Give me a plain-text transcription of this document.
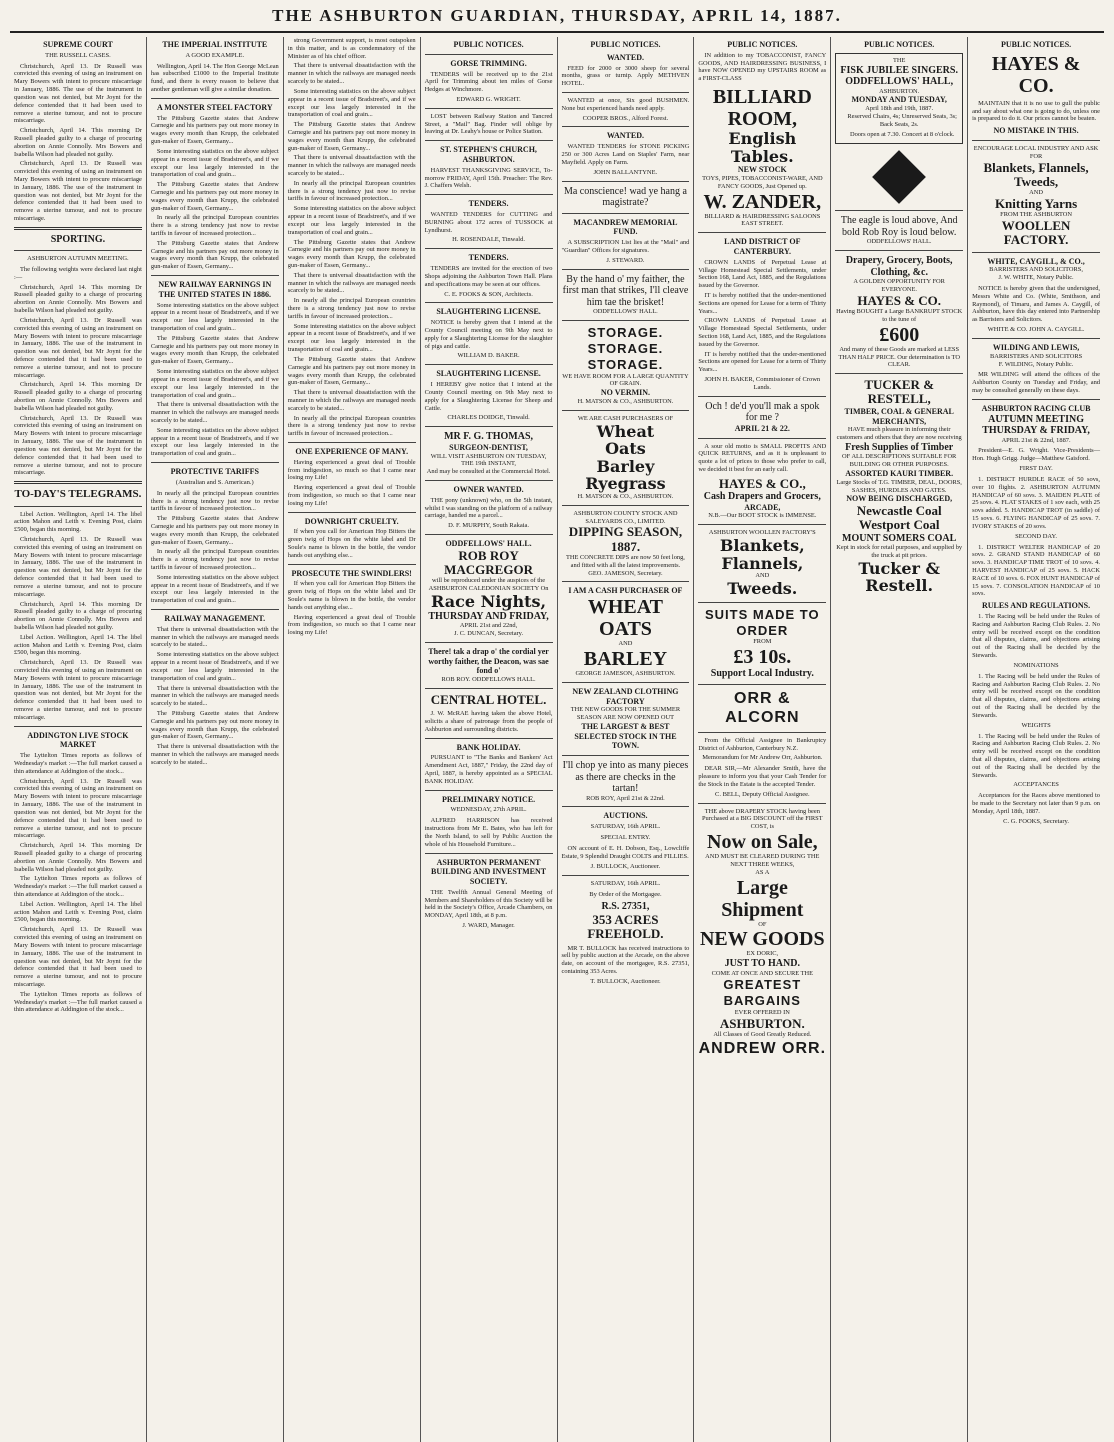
THE ASHBURTON GUARDIAN, THURSDAY, APRIL 14, 1887.
SUPREME COURT
THE RUSSELL CASES.

Christchurch, April 13. Dr Russell was convicted this evening of using an instrument on Mary Bowers with intent to procure miscarriage in January, 1886. The use of the instrument in question was not denied, but Mr Joynt for the defence contended that it had been used to remove a uterine tumour, and not to procure miscarriage.

Christchurch, April 14. This morning Dr Russell pleaded guilty to a charge of procuring abortion on Annie Connolly. Mrs Bowers and Isabella Wilson had pleaded not guilty.

Christchurch, April 13. Dr Russell was convicted this evening of using an instrument on Mary Bowers with intent to procure miscarriage in January, 1886. The use of the instrument in question was not denied, but Mr Joynt for the defence contended that it had been used to remove a uterine tumour, and not to procure miscarriage.

SPORTING.
ASHBURTON AUTUMN MEETING.

The following weights were declared last night :—

Christchurch, April 14. This morning Dr Russell pleaded guilty to a charge of procuring abortion on Annie Connolly. Mrs Bowers and Isabella Wilson had pleaded not guilty.

Christchurch, April 13. Dr Russell was convicted this evening of using an instrument on Mary Bowers with intent to procure miscarriage in January, 1886. The use of the instrument in question was not denied, but Mr Joynt for the defence contended that it had been used to remove a uterine tumour, and not to procure miscarriage.

Christchurch, April 14. This morning Dr Russell pleaded guilty to a charge of procuring abortion on Annie Connolly. Mrs Bowers and Isabella Wilson had pleaded not guilty.

Christchurch, April 13. Dr Russell was convicted this evening of using an instrument on Mary Bowers with intent to procure miscarriage in January, 1886. The use of the instrument in question was not denied, but Mr Joynt for the defence contended that it had been used to remove a uterine tumour, and not to procure miscarriage.

TO-DAY'S TELEGRAMS.

Libel Action. Wellington, April 14. The libel action Mahon and Leith v. Evening Post, claim £500, began this morning.

Christchurch, April 13. Dr Russell was convicted this evening of using an instrument on Mary Bowers with intent to procure miscarriage in January, 1886. The use of the instrument in question was not denied, but Mr Joynt for the defence contended that it had been used to remove a uterine tumour, and not to procure miscarriage.

Christchurch, April 14. This morning Dr Russell pleaded guilty to a charge of procuring abortion on Annie Connolly. Mrs Bowers and Isabella Wilson had pleaded not guilty.

Libel Action. Wellington, April 14. The libel action Mahon and Leith v. Evening Post, claim £500, began this morning.

Christchurch, April 13. Dr Russell was convicted this evening of using an instrument on Mary Bowers with intent to procure miscarriage in January, 1886. The use of the instrument in question was not denied, but Mr Joynt for the defence contended that it had been used to remove a uterine tumour, and not to procure miscarriage.

ADDINGTON LIVE STOCK MARKET

The Lyttelton Times reports as follows of Wednesday's market :—The full market caused a thin attendance at Addington of the stock...

Christchurch, April 13. Dr Russell was convicted this evening of using an instrument on Mary Bowers with intent to procure miscarriage in January, 1886. The use of the instrument in question was not denied, but Mr Joynt for the defence contended that it had been used to remove a uterine tumour, and not to procure miscarriage.

Christchurch, April 14. This morning Dr Russell pleaded guilty to a charge of procuring abortion on Annie Connolly. Mrs Bowers and Isabella Wilson had pleaded not guilty.

The Lyttelton Times reports as follows of Wednesday's market :—The full market caused a thin attendance at Addington of the stock...

Libel Action. Wellington, April 14. The libel action Mahon and Leith v. Evening Post, claim £500, began this morning.

Christchurch, April 13. Dr Russell was convicted this evening of using an instrument on Mary Bowers with intent to procure miscarriage in January, 1886. The use of the instrument in question was not denied, but Mr Joynt for the defence contended that it had been used to remove a uterine tumour, and not to procure miscarriage.

The Lyttelton Times reports as follows of Wednesday's market :—The full market caused a thin attendance at Addington of the stock...

THE IMPERIAL INSTITUTE
A GOOD EXAMPLE.

Wellington, April 14. The Hon George McLean has subscribed £1000 to the Imperial Institute fund, and there is every reason to believe that another gentleman will give a similar donation.

A MONSTER STEEL FACTORY

The Pittsburg Gazette states that Andrew Carnegie and his partners pay out more money in wages every month than Krupp, the celebrated gun-maker of Essen, Germany...

Some interesting statistics on the above subject appear in a recent issue of Bradstreet's, and if we except our less largely interested in the transportation of coal and grain...

The Pittsburg Gazette states that Andrew Carnegie and his partners pay out more money in wages every month than Krupp, the celebrated gun-maker of Essen, Germany...

In nearly all the principal European countries there is a strong tendency just now to revise tariffs in favour of increased protection...

The Pittsburg Gazette states that Andrew Carnegie and his partners pay out more money in wages every month than Krupp, the celebrated gun-maker of Essen, Germany...

NEW RAILWAY EARNINGS IN THE UNITED STATES IN 1886.

Some interesting statistics on the above subject appear in a recent issue of Bradstreet's, and if we except our less largely interested in the transportation of coal and grain...

The Pittsburg Gazette states that Andrew Carnegie and his partners pay out more money in wages every month than Krupp, the celebrated gun-maker of Essen, Germany...

Some interesting statistics on the above subject appear in a recent issue of Bradstreet's, and if we except our less largely interested in the transportation of coal and grain...

That there is universal dissatisfaction with the manner in which the railways are managed needs scarcely to be stated...

Some interesting statistics on the above subject appear in a recent issue of Bradstreet's, and if we except our less largely interested in the transportation of coal and grain...

PROTECTIVE TARIFFS
(Australian and S. American.)

In nearly all the principal European countries there is a strong tendency just now to revise tariffs in favour of increased protection...

The Pittsburg Gazette states that Andrew Carnegie and his partners pay out more money in wages every month than Krupp, the celebrated gun-maker of Essen, Germany...

In nearly all the principal European countries there is a strong tendency just now to revise tariffs in favour of increased protection...

Some interesting statistics on the above subject appear in a recent issue of Bradstreet's, and if we except our less largely interested in the transportation of coal and grain...

RAILWAY MANAGEMENT.

That there is universal dissatisfaction with the manner in which the railways are managed needs scarcely to be stated...

Some interesting statistics on the above subject appear in a recent issue of Bradstreet's, and if we except our less largely interested in the transportation of coal and grain...

That there is universal dissatisfaction with the manner in which the railways are managed needs scarcely to be stated...

The Pittsburg Gazette states that Andrew Carnegie and his partners pay out more money in wages every month than Krupp, the celebrated gun-maker of Essen, Germany...

That there is universal dissatisfaction with the manner in which the railways are managed needs scarcely to be stated...

strong Government support, is most outspoken in this matter, and is as condemnatory of the Minister as of his chief officer.

That there is universal dissatisfaction with the manner in which the railways are managed needs scarcely to be stated...

Some interesting statistics on the above subject appear in a recent issue of Bradstreet's, and if we except our less largely interested in the transportation of coal and grain...

The Pittsburg Gazette states that Andrew Carnegie and his partners pay out more money in wages every month than Krupp, the celebrated gun-maker of Essen, Germany...

That there is universal dissatisfaction with the manner in which the railways are managed needs scarcely to be stated...

In nearly all the principal European countries there is a strong tendency just now to revise tariffs in favour of increased protection...

Some interesting statistics on the above subject appear in a recent issue of Bradstreet's, and if we except our less largely interested in the transportation of coal and grain...

The Pittsburg Gazette states that Andrew Carnegie and his partners pay out more money in wages every month than Krupp, the celebrated gun-maker of Essen, Germany...

That there is universal dissatisfaction with the manner in which the railways are managed needs scarcely to be stated...

In nearly all the principal European countries there is a strong tendency just now to revise tariffs in favour of increased protection...

Some interesting statistics on the above subject appear in a recent issue of Bradstreet's, and if we except our less largely interested in the transportation of coal and grain...

The Pittsburg Gazette states that Andrew Carnegie and his partners pay out more money in wages every month than Krupp, the celebrated gun-maker of Essen, Germany...

That there is universal dissatisfaction with the manner in which the railways are managed needs scarcely to be stated...

In nearly all the principal European countries there is a strong tendency just now to revise tariffs in favour of increased protection...

ONE EXPERIENCE OF MANY.

Having experienced a great deal of Trouble from indigestion, so much so that I came near losing my Life!

Having experienced a great deal of Trouble from indigestion, so much so that I came near losing my Life!

DOWNRIGHT CRUELTY.

If when you call for American Hop Bitters the green twig of Hops on the white label and Dr Soule's name is blown in the bottle, the vendor hands out anything else...

PROSECUTE THE SWINDLERS!

If when you call for American Hop Bitters the green twig of Hops on the white label and Dr Soule's name is blown in the bottle, the vendor hands out anything else...

Having experienced a great deal of Trouble from indigestion, so much so that I came near losing my Life!

PUBLIC NOTICES.
GORSE TRIMMING.

TENDERS will be received up to the 21st April for Trimming about ten miles of Gorse Hedges at Winchmore.

EDWARD G. WRIGHT.

LOST between Railway Station and Tancred Street, a "Mail" Bag. Finder will oblige by leaving at Dr. Leahy's house or Police Station.

ST. STEPHEN'S CHURCH, ASHBURTON.

HARVEST THANKSGIVING SERVICE, To-morrow FRIDAY, April 15th. Preacher: The Rev. J. Chaffers Welsh.

TENDERS.

WANTED TENDERS for CUTTING and BURNING about 172 acres of TUSSOCK at Lyndhurst.

H. ROSENDALE, Tinwald.
TENDERS.

TENDERS are invited for the erection of two Shops adjoining the Ashburton Town Hall. Plans and specifications may be seen at our offices.

C. E. FOOKS & SON, Architects.
SLAUGHTERING LICENSE.

NOTICE is hereby given that I intend at the County Council meeting on 9th May next to apply for a Slaughtering License for the slaughter of pigs and cattle.

WILLIAM D. BAKER.
SLAUGHTERING LICENSE.

I HEREBY give notice that I intend at the County Council meeting on 9th May next to apply for a Slaughtering License for Sheep and Cattle.

CHARLES DOIDGE, Tinwald.
MR F. G. THOMAS,
SURGEON-DENTIST,
WILL VISIT ASHBURTON ON TUESDAY, THE 19th INSTANT,
And may be consulted at the Commercial Hotel.
OWNER WANTED.

THE pony (unknown) who, on the 5th instant, whilst I was standing on the platform of a railway carriage, handed me a parcel...

D. F. MURPHY, South Rakaia.
ODDFELLOWS' HALL.
ROB ROY MACGREGOR
will be reproduced under the auspices of the ASHBURTON CALEDONIAN SOCIETY On
Race Nights,
THURSDAY AND FRIDAY,
APRIL 21st and 22nd,
J. C. DUNCAN, Secretary.
There! tak a drap o' the cordial yer worthy faither, the Deacon, was sae fond o'
ROB ROY. ODDFELLOWS HALL.
CENTRAL HOTEL.

J. W. McRAE having taken the above Hotel, solicits a share of patronage from the people of Ashburton and surrounding districts.

BANK HOLIDAY.

PURSUANT to "The Banks and Bankers' Act Amendment Act, 1887," Friday, the 22nd day of April, 1887, is hereby appointed as a SPECIAL BANK HOLIDAY.

PRELIMINARY NOTICE.
WEDNESDAY, 27th APRIL.

ALFRED HARRISON has received instructions from Mr E. Bates, who has left for the North Island, to sell by Public Auction the whole of his Household Furniture...

ASHBURTON PERMANENT BUILDING AND INVESTMENT SOCIETY.

THE Twelfth Annual General Meeting of Members and Shareholders of this Society will be held in the Society's Office, Arcade Chambers, on MONDAY, April 18th, at 8 p.m.

J. WARD, Manager.
PUBLIC NOTICES.
WANTED.

FEED for 2000 or 3000 sheep for several months, grass or turnip. Apply METHVEN HOTEL.

WANTED at once, Six good BUSHMEN. None but experienced hands need apply.

COOPER BROS., Alford Forest.
WANTED.

WANTED TENDERS for STONE PICKING 250 or 300 Acres Land on Staples' Farm, near Mayfield. Apply on Farm.

JOHN BALLANTYNE.
Ma conscience! wad ye hang a magistrate?
MACANDREW MEMORIAL FUND.

A SUBSCRIPTION List lies at the "Mail" and "Guardian" Offices for signatures.

J. STEWARD.
By the hand o' my faither, the first man that strikes, I'll cleave him tae the brisket!
ODDFELLOWS' HALL.
STORAGE. STORAGE.
STORAGE.
WE HAVE ROOM FOR A LARGE QUANTITY OF GRAIN.
NO VERMIN.
H. MATSON & CO., ASHBURTON.
WE ARE CASH PURCHASERS OF
Wheat
Oats
Barley
Ryegrass
H. MATSON & CO., ASHBURTON.
ASHBURTON COUNTY STOCK AND SALEYARDS CO., LIMITED.
DIPPING SEASON, 1887.
THE CONCRETE DIPS are now 50 feet long, and fitted with all the latest improvements.
GEO. JAMESON, Secretary.
I AM A CASH PURCHASER OF
WHEAT
OATS
AND
BARLEY
GEORGE JAMESON, ASHBURTON.
NEW ZEALAND CLOTHING FACTORY
THE NEW GOODS FOR THE SUMMER SEASON ARE NOW OPENED OUT
THE LARGEST & BEST SELECTED STOCK IN THE TOWN.
I'll chop ye into as many pieces as there are checks in the tartan!
ROB ROY, April 21st & 22nd.
AUCTIONS.
SATURDAY, 16th APRIL.
SPECIAL ENTRY.

ON account of E. H. Dobson, Esq., Lowcliffe Estate, 9 Splendid Draught COLTS and FILLIES.

J. BULLOCK, Auctioneer.
SATURDAY, 16th APRIL.
By Order of the Mortgagee.
R.S. 27351,
353 ACRES FREEHOLD.

MR T. BULLOCK has received instructions to sell by public auction at the Arcade, on the above date, on account of the mortgagee, R.S. 27351, containing 353 Acres.

T. BULLOCK, Auctioneer.
PUBLIC NOTICES.

IN addition to my TOBACCONIST, FANCY GOODS, AND HAIRDRESSING BUSINESS, I have NOW OPENED my UPSTAIRS ROOM as a FIRST-CLASS

BILLIARD ROOM,
English Tables.
NEW STOCK
TOYS, PIPES, TOBACCONIST-WARE, AND FANCY GOODS, Just Opened up.
W. ZANDER,
BILLIARD & HAIRDRESSING SALOONS EAST STREET.
LAND DISTRICT OF CANTERBURY.

CROWN LANDS of Perpetual Lease at Village Homestead Special Settlements, under Section 168, Land Act, 1885, and the Regulations issued by the Governor.

IT is hereby notified that the under-mentioned Sections are opened for Lease for a term of Thirty Years...

CROWN LANDS of Perpetual Lease at Village Homestead Special Settlements, under Section 168, Land Act, 1885, and the Regulations issued by the Governor.

IT is hereby notified that the under-mentioned Sections are opened for Lease for a term of Thirty Years...

JOHN H. BAKER, Commissioner of Crown Lands.
Och ! de'd you'll mak a spok for me ?
APRIL 21 & 22.

A sour old motto is SMALL PROFITS AND QUICK RETURNS, and as it is unpleasant to quote a lot of prices to those who prefer to call, we decided it best for an early call.

HAYES & CO.,
Cash Drapers and Grocers,
ARCADE,
N.B.—Our BOOT STOCK is IMMENSE.
ASHBURTON WOOLLEN FACTORY'S
Blankets, Flannels,
AND
Tweeds.
SUITS MADE TO ORDER
FROM
£3 10s.
Support Local Industry.
ORR & ALCORN

From the Official Assignee in Bankruptcy District of Ashburton, Canterbury N.Z.

Memorandum for Mr Andrew Orr, Ashburton.

DEAR SIR,—Mr Alexander Smith, have the pleasure to inform you that your Cash Tender for the Stock in the Estate is the accepted Tender.

C. BELL, Deputy Official Assignee.
THE above DRAPERY STOCK having been Purchased at a BIG DISCOUNT off the FIRST COST, is
Now on Sale,
AND MUST BE CLEARED DURING THE NEXT THREE WEEKS,
AS A
Large Shipment
OF
NEW GOODS
EX DORIC,
JUST TO HAND.
COME AT ONCE AND SECURE THE
GREATEST BARGAINS
EVER OFFERED IN
ASHBURTON.
All Classes of Good Greatly Reduced.
ANDREW ORR.
PUBLIC NOTICES.
THE
FISK JUBILEE SINGERS.
ODDFELLOWS' HALL,
ASHBURTON.
MONDAY AND TUESDAY,
April 18th and 19th, 1887.

Reserved Chairs, 4s; Unreserved Seats, 3s; Back Seats, 2s.

Doors open at 7.30. Concert at 8 o'clock.

The eagle is loud above, And bold Rob Roy is loud below.
ODDFELLOWS' HALL.
Drapery, Grocery, Boots, Clothing, &c.
A GOLDEN OPPORTUNITY FOR EVERYONE.
HAYES & CO.
Having BOUGHT a Large BANKRUPT STOCK to the tune of
£600
And many of these Goods are marked at LESS THAN HALF PRICE. Our determination is TO CLEAR.
TUCKER & RESTELL,
TIMBER, COAL & GENERAL MERCHANTS,
HAVE much pleasure in informing their customers and others that they are now receiving
Fresh Supplies of Timber
OF ALL DESCRIPTIONS SUITABLE FOR BUILDING OR OTHER PURPOSES.
ASSORTED KAURI TIMBER.
Large Stocks of T.G. TIMBER, DEAL, DOORS, SASHES, HURDLES AND GATES.
NOW BEING DISCHARGED,
Newcastle Coal
Westport Coal
MOUNT SOMERS COAL
Kept in stock for retail purposes, and supplied by the truck at pit prices.
Tucker & Restell.
PUBLIC NOTICES.
HAYES & CO.

MAINTAIN that it is no use to gull the public and say about what one is going to do, unless one is prepared to do it. Our prices cannot be beaten.

NO MISTAKE IN THIS.
ENCOURAGE LOCAL INDUSTRY AND ASK FOR
Blankets, Flannels, Tweeds,
AND
Knitting Yarns
FROM THE ASHBURTON
WOOLLEN FACTORY.
WHITE, CAYGILL, & CO.,
BARRISTERS AND SOLICITORS,
J. W. WHITE, Notary Public.

NOTICE is hereby given that the undersigned, Messrs White and Co. (White, Smithson, and Raymond), of Timaru, and James A. Caygill, of Ashburton, have this day entered into Partnership as Barristers and Solicitors.

WHITE & CO. JOHN A. CAYGILL.
WILDING AND LEWIS,
BARRISTERS AND SOLICITORS
F. WILDING, Notary Public.

MR WILDING will attend the offices of the Ashburton County on Tuesday and Friday, and may be consulted generally on these days.

ASHBURTON RACING CLUB
AUTUMN MEETING
THURSDAY & FRIDAY,
APRIL 21st & 22nd, 1887.

President—E. G. Wright. Vice-Presidents—Hon. Hugh Grigg. Judge—Matthew Gaisford.

FIRST DAY.

1. DISTRICT HURDLE RACE of 50 sovs, over 10 flights. 2. ASHBURTON AUTUMN HANDICAP of 60 sovs. 3. MAIDEN PLATE of 25 sovs. 4. FLAT STAKES of 1 sov each, with 25 sovs added. 5. HANDICAP TROT (in saddle) of 15 sovs. 6. FLYING HANDICAP of 25 sovs. 7. IVORY STAKES of 20 sovs.

SECOND DAY.

1. DISTRICT WELTER HANDICAP of 20 sovs. 2. GRAND STAND HANDICAP of 60 sovs. 3. HANDICAP TIME TROT of 10 sovs. 4. HARVEST HANDICAP of 25 sovs. 5. HACK RACE of 10 sovs. 6. FOX HUNT HANDICAP of 15 sovs. 7. CONSOLATION HANDICAP of 10 sovs.

RULES AND REGULATIONS.

1. The Racing will be held under the Rules of Racing and Ashburton Racing Club Rules. 2. No entry will be received except on the condition that all disputes, claims, and objections arising out of the Racing shall be decided by the Stewards.

NOMINATIONS

1. The Racing will be held under the Rules of Racing and Ashburton Racing Club Rules. 2. No entry will be received except on the condition that all disputes, claims, and objections arising out of the Racing shall be decided by the Stewards.

WEIGHTS

1. The Racing will be held under the Rules of Racing and Ashburton Racing Club Rules. 2. No entry will be received except on the condition that all disputes, claims, and objections arising out of the Racing shall be decided by the Stewards.

ACCEPTANCES

Acceptances for the Races above mentioned to be made to the Secretary not later than 9 p.m. on Monday, April 18th, 1887.

C. G. FOOKS, Secretary.
